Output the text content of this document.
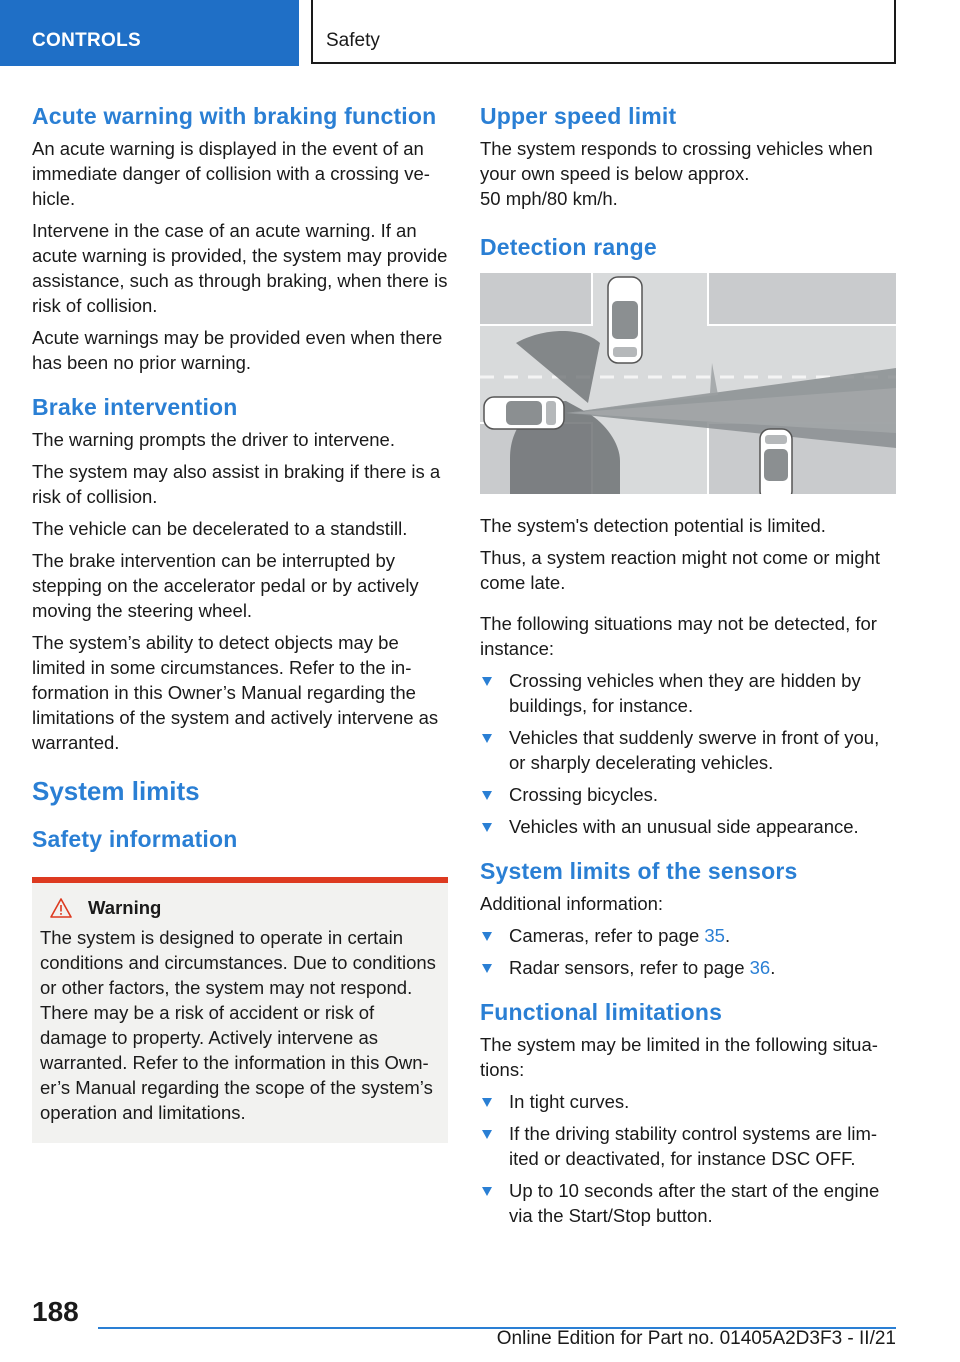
CONTROLS	Safety
Acute warning with braking function

An acute warning is displayed in the event of an immediate danger of collision with a crossing vehicle.

Intervene in the case of an acute warning. If an acute warning is provided, the system may provide assistance, such as through braking, when there is risk of collision.

Acute warnings may be provided even when there has been no prior warning.

Brake intervention

The warning prompts the driver to intervene.

The system may also assist in braking if there is a risk of collision.

The vehicle can be decelerated to a standstill.

The brake intervention can be interrupted by stepping on the accelerator pedal or by actively moving the steering wheel.

The system’s ability to detect objects may be limited in some circumstances. Refer to the information in this Owner’s Manual regarding the limitations of the system and actively intervene as warranted.

System limits
Safety information
Warning

The system is designed to operate in certain conditions and circumstances. Due to conditions or other factors, the system may not respond. There may be a risk of accident or risk of damage to property. Actively intervene as warranted. Refer to the information in this Owner’s Manual regarding the scope of the system’s operation and limitations.

Upper speed limit

The system responds to crossing vehicles when your own speed is below approx.

50 mph/80 km/h.

Detection range

The system's detection potential is limited.

Thus, a system reaction might not come or might come late.

The following situations may not be detected, for instance:

Crossing vehicles when they are hidden by buildings, for instance.
Vehicles that suddenly swerve in front of you, or sharply decelerating vehicles.
Crossing bicycles.
Vehicles with an unusual side appearance.
System limits of the sensors

Additional information:

Cameras, refer to page 35.
Radar sensors, refer to page 36.
Functional limitations

The system may be limited in the following situations:

In tight curves.
If the driving stability control systems are limited or deactivated, for instance DSC OFF.
Up to 10 seconds after the start of the engine via the Start/Stop button.
188
Online Edition for Part no. 01405A2D3F3 - II/21
